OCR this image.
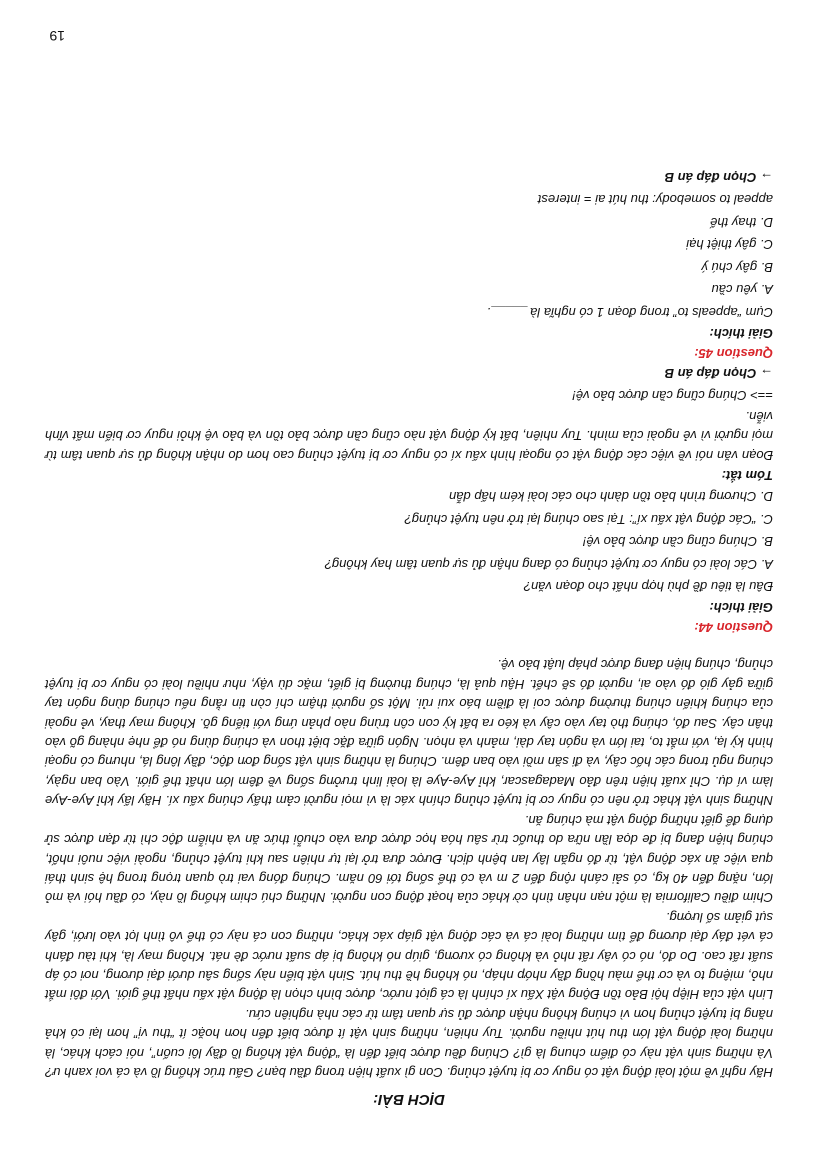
DỊCH BÀI:

Hãy nghĩ về một loài động vật có nguy cơ bị tuyệt chủng. Con gì xuất hiện trong đầu bạn? Gấu trúc khổng lồ và cá voi xanh ư? Và những sinh vật này có điểm chung là gì? Chúng đều được biết đến là “động vật khổng lồ đầy lôi cuốn”, nói cách khác, là những loài động vật lớn thu hút nhiều người. Tuy nhiên, những sinh vật ít được biết đến hơn hoặc ít “thu vị” hơn lại có khả năng bị tuyệt chủng hơn vì chúng không nhận được đủ sự quan tâm từ các nhà nghiên cứu.

Linh vật của Hiệp hội Bảo tồn Động vật Xấu xí chính là cá giọt nước, được bình chọn là động vật xấu nhất thế giới. Với đôi mắt nhỏ, miệng to và cơ thể màu hồng đầy nhớp nháp, nó không hề thu hút. Sinh vật biển này sống sâu dưới đại dương, nơi có áp suất rất cao. Do đó, nó có vây rất nhỏ và không có xương, giúp nó không bị áp suất nước đè nát. Không may là, khi tàu đánh cá vét đáy đại dương để tìm những loài cá và các động vật giáp xác khác, những con cá này có thể vô tình lọt vào lưới, gây sụt giảm số lượng.

Chim điều California là một nạn nhân tình cờ khác của hoạt động con người. Những chú chim khổng lồ này, có đầu hói và mỏ lớn, nặng đến 40 kg, có sải cánh rộng đến 2 m và có thể sống tới 60 năm. Chúng đóng vai trò quan trọng trong hệ sinh thái qua việc ăn xác động vật, từ đó ngăn lây lan bệnh dịch. Được đưa trở lại tự nhiên sau khi tuyệt chủng, ngoài việc nuôi nhốt, chúng hiện đang bị đe dọa lần nữa do thuốc trừ sâu hóa học được đưa vào chuỗi thức ăn và nhiễm độc chì từ đạn được sử dụng để giết những động vật mà chúng ăn.

Những sinh vật khác trở nên có nguy cơ bị tuyệt chủng chính xác là vì mọi người cảm thấy chúng xấu xí. Hãy lấy khỉ Aye-Aye làm ví dụ. Chỉ xuất hiện trên đảo Madagascar, khỉ Aye-Aye là loài linh trưởng sống về đêm lớn nhất thế giới. Vào ban ngày, chúng ngủ trong các hốc cây, và đi săn mồi vào ban đêm. Chúng là những sinh vật sống đơn độc, đầy lông lá, nhưng có ngoại hình kỳ lạ, với mắt to, tai lớn và ngón tay dài, mảnh và nhọn. Ngón giữa đặc biệt thon và chúng dùng nó để nhẹ nhàng gõ vào thân cây. Sau đó, chúng thò tay vào cây và kéo ra bất kỳ con côn trùng nào phản ứng với tiếng gõ. Không may thay, vẻ ngoài của chúng khiến chúng thường được coi là điềm báo xui rủi. Một số người thậm chí còn tin rằng nếu chúng dùng ngón tay giữa gảy gió đó vào ai, người đó sẽ chết. Hậu quả là, chúng thường bị giết, mặc dù vậy, như nhiều loài có nguy cơ bị tuyệt chủng, chúng hiện đang được pháp luật bảo vệ.

Question 44:
Giải thích:
Đâu là tiêu đề phù hợp nhất cho đoạn văn?
A. Các loài có nguy cơ tuyệt chủng có đang nhận đủ sự quan tâm hay không?
B. Chúng cũng cần được bảo vệ!
C. “Các động vật xấu xí”: Tại sao chúng lại trở nên tuyệt chủng?
D. Chương trình bảo tồn dành cho các loài kém hấp dẫn
Tóm tắt:

Đoạn văn nói về việc các động vật có ngoại hình xấu xí có nguy cơ bị tuyệt chủng cao hơn do nhận không đủ sự quan tâm từ mọi người vì vẻ ngoài của mình. Tuy nhiên, bất kỳ động vật nào cũng cần được bảo tồn và bảo vệ khỏi nguy cơ biến mất vĩnh viễn.

==> Chúng cũng cần được bảo vệ!
→ Chọn đáp án B
Question 45:
Giải thích:
Cụm “appeals to” trong đoạn 1 có nghĩa là _____.
A. yêu cầu
B. gây chú ý
C. gây thiệt hại
D. thay thế
appeal to somebody: thu hút ai = interest
→ Chọn đáp án B
19
